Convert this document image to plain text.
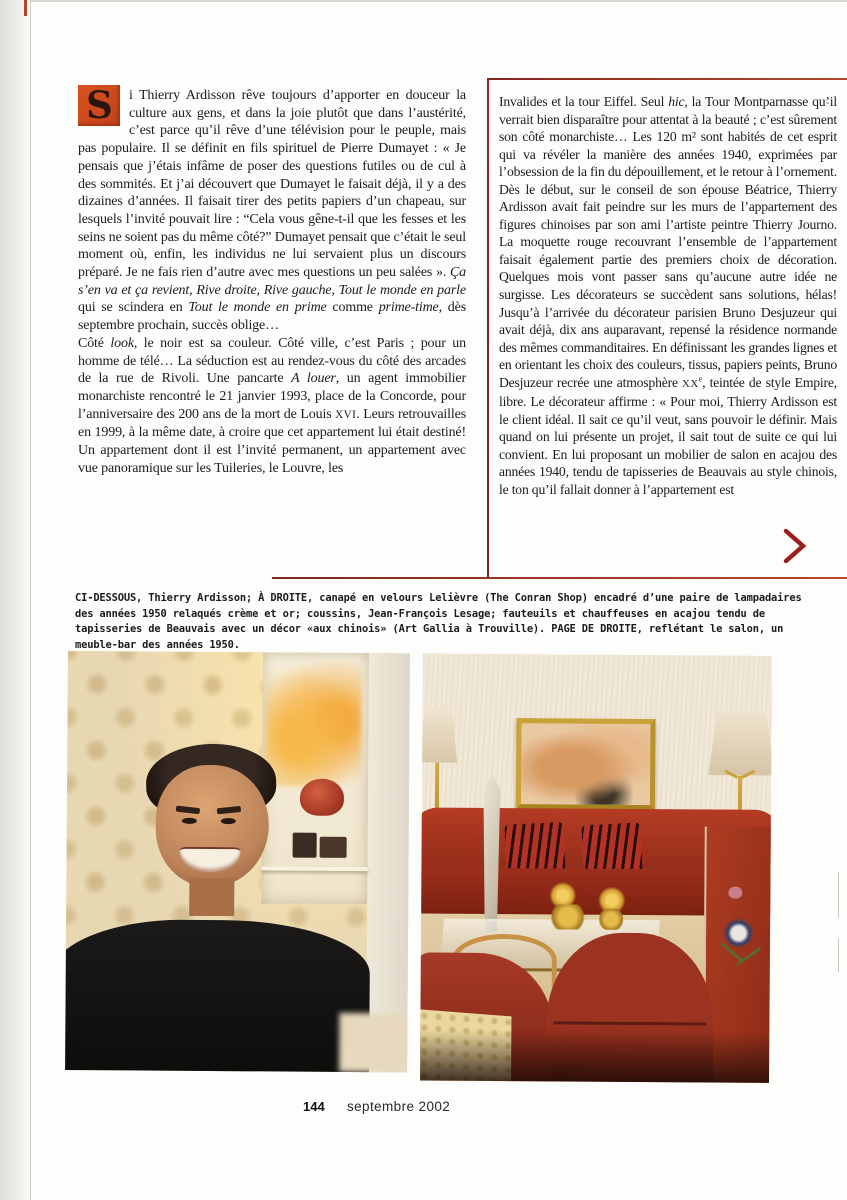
S	i Thierry Ardisson rêve toujours d’apporter en douceur la culture aux gens, et dans la joie plutôt que dans l’austérité, c’est parce qu’il rêve d’une télévision pour le peuple, mais pas populaire. Il se définit en fils spirituel de Pierre Dumayet : « Je pensais que j’étais infâme de poser des questions futiles ou de cul à des sommités. Et j’ai découvert que Dumayet le faisait déjà, il y a des dizaines d’années. Il faisait tirer des petits papiers d’un chapeau, sur lesquels l’invité pouvait lire : “Cela vous gêne-t-il que les fesses et les seins ne soient pas du même côté?” Dumayet pensait que c’était le seul moment où, enfin, les individus ne lui servaient plus un discours préparé. Je ne fais rien d’autre avec mes questions un peu salées ». Ça s’en va et ça revient, Rive droite, Rive gauche, Tout le monde en parle qui se scindera en Tout le monde en prime comme prime-time, dès septembre prochain, succès oblige…

Côté look, le noir est sa couleur. Côté ville, c’est Paris ; pour un homme de télé… La séduction est au rendez-vous du côté des arcades de la rue de Rivoli. Une pancarte A louer, un agent immobilier monarchiste rencontré le 21 janvier 1993, place de la Concorde, pour l’anniversaire des 200 ans de la mort de Louis XVI. Leurs retrouvailles en 1999, à la même date, à croire que cet appartement lui était destiné! Un appartement dont il est l’invité permanent, un appartement avec vue panoramique sur les Tuileries, le Louvre, les

Invalides et la tour Eiffel. Seul hic, la Tour Montparnasse qu’il verrait bien disparaître pour attentat à la beauté ; c’est sûrement son côté monarchiste… Les 120 m² sont habités de cet esprit qui va révéler la manière des années 1940, exprimées par l’obsession de la fin du dépouillement, et le retour à l’ornement. Dès le début, sur le conseil de son épouse Béatrice, Thierry Ardisson avait fait peindre sur les murs de l’appartement des figures chinoises par son ami l’artiste peintre Thierry Journo. La moquette rouge recouvrant l’ensemble de l’appartement faisait également partie des premiers choix de décoration. Quelques mois vont passer sans qu’aucune autre idée ne surgisse. Les décorateurs se succèdent sans solutions, hélas! Jusqu’à l’arrivée du décorateur parisien Bruno Desjuzeur qui avait déjà, dix ans auparavant, repensé la résidence normande des mêmes commanditaires. En définissant les grandes lignes et en orientant les choix des couleurs, tissus, papiers peints, Bruno Desjuzeur recrée une atmosphère XXe, teintée de style Empire, libre. Le décorateur affirme : « Pour moi, Thierry Ardisson est le client idéal. Il sait ce qu’il veut, sans pouvoir le définir. Mais quand on lui présente un projet, il sait tout de suite ce qui lui convient. En lui proposant un mobilier de salon en acajou des années 1940, tendu de tapisseries de Beauvais au style chinois, le ton qu’il fallait donner à l’appartement est

CI-DESSOUS, Thierry Ardisson; À DROITE, canapé en velours Lelièvre (The Conran Shop) encadré d’une paire de lampadaires des années 1950 relaqués crème et or; coussins, Jean-François Lesage; fauteuils et chauffeuses en acajou tendu de tapisseries de Beauvais avec un décor «aux chinois» (Art Gallia à Trouville). PAGE DE DROITE, reflétant le salon, un meuble-bar des années 1950.
144 septembre 2002
